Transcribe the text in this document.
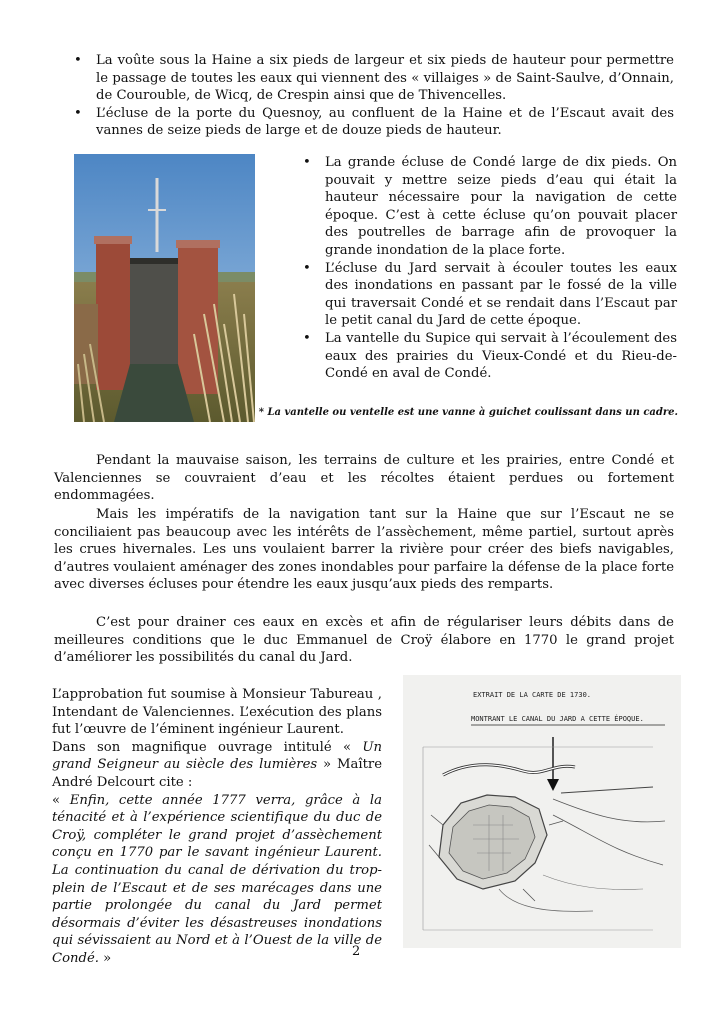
• La voûte sous la Haine a six pieds de largeur et six pieds de hauteur pour permettre le passage de toutes les eaux qui viennent des « villaiges » de Saint-Saulve, d’Onnain, de Courouble, de Wicq, de Crespin ainsi que de Thivencelles.
• L’écluse de la porte du Quesnoy, au confluent de la Haine et de l’Escaut avait des vannes de seize pieds de large et de douze pieds de hauteur.
• La grande écluse de Condé large de dix pieds. On pouvait y mettre seize pieds d’eau qui était la hauteur nécessaire pour la navigation de cette époque. C’est à cette écluse qu’on pouvait placer des poutrelles de barrage afin de provoquer la grande inondation de la place forte.
• L’écluse du Jard servait à écouler toutes les eaux des inondations en passant par le fossé de la ville qui traversait Condé et se rendait dans l’Escaut par le petit canal du Jard de cette époque.
• La vantelle du Supice qui servait à l’écoulement des eaux des prairies du Vieux-Condé et du Rieu-de-Condé en aval de Condé.
* La vantelle ou ventelle est une vanne à guichet coulissant dans un cadre.

Pendant la mauvaise saison, les terrains de culture et les prairies, entre Condé et Valenciennes se couvraient d’eau et les récoltes étaient perdues ou fortement endommagées.

Mais les impératifs de la navigation tant sur la Haine que sur l’Escaut ne se conciliaient pas beaucoup avec les intérêts de l’assèchement, même partiel, surtout après les crues hivernales. Les uns voulaient barrer la rivière pour créer des biefs navigables, d’autres voulaient aménager des zones inondables pour parfaire la défense de la place forte avec diverses écluses pour étendre les eaux jusqu’aux pieds des remparts.

C’est pour drainer ces eaux en excès et afin de régulariser leurs débits dans de meilleures conditions que le duc Emmanuel de Croÿ élabore en 1770 le grand projet d’améliorer les possibilités du canal du Jard.

L’approbation fut soumise à Monsieur Tabureau , Intendant de Valenciennes. L’exécution des plans fut l’œuvre de l’éminent ingénieur Laurent.

Dans son magnifique ouvrage intitulé « Un grand Seigneur au siècle des lumières » Maître André Delcourt cite :

« Enfin, cette année 1777 verra, grâce à la ténacité et à l’expérience scientifique du duc de Croÿ, compléter le grand projet d’assèchement conçu en 1770 par le savant ingénieur Laurent. La continuation du canal de dérivation du trop-plein de l’Escaut et de ses marécages dans une partie prolongée du canal du Jard permet désormais d’éviter les désastreuses inondations qui sévissaient au Nord et à l’Ouest de la ville de Condé. »

EXTRAIT DE LA CARTE DE 1730.
MONTRANT LE CANAL DU JARD A CETTE ÉPOQUE.
2
